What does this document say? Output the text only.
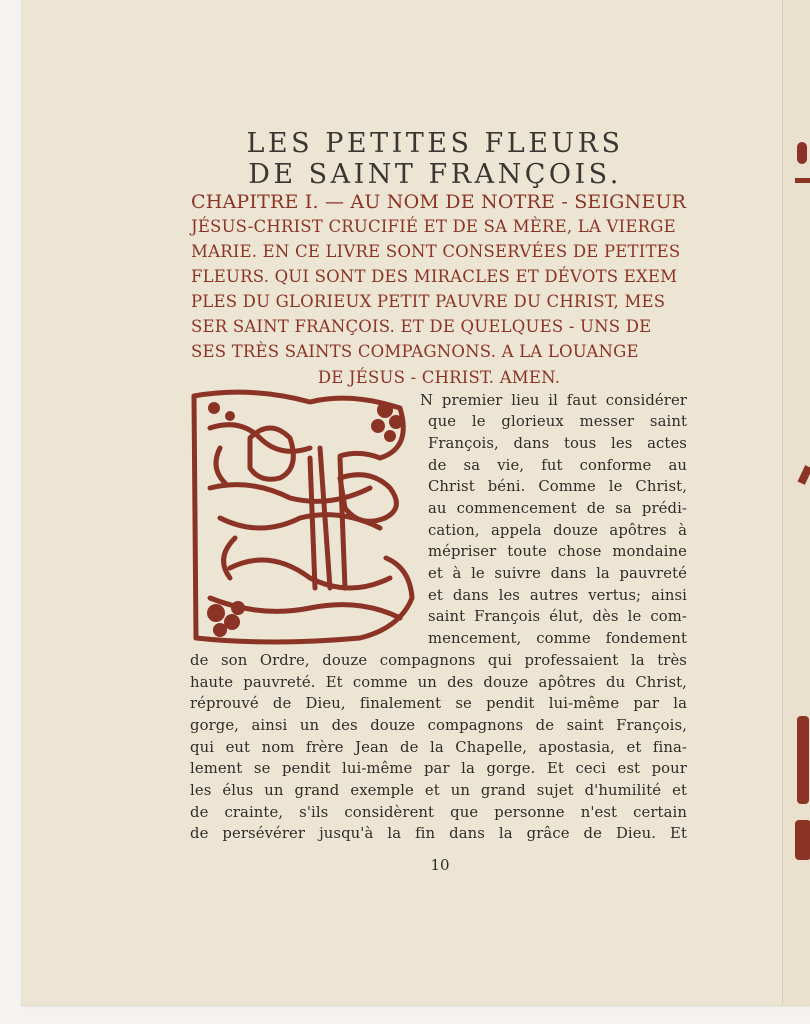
LES PETITES FLEURS
DE SAINT FRANÇOIS.
CHAPITRE I. — AU NOM DE NOTRE - SEIGNEUR
JÉSUS-CHRIST CRUCIFIÉ ET DE SA MÈRE, LA VIERGE
MARIE. EN CE LIVRE SONT CONSERVÉES DE PETITES
FLEURS. QUI SONT DES MIRACLES ET DÉVOTS EXEM
PLES DU GLORIEUX PETIT PAUVRE DU CHRIST, MES
SER SAINT FRANÇOIS. ET DE QUELQUES - UNS DE
SES TRÈS SAINTS COMPAGNONS. A LA LOUANGE
DE JÉSUS - CHRIST. AMEN.
N premier lieu il faut considérer
que le glorieux messer saint
François, dans tous les actes
de sa vie, fut conforme au
Christ béni. Comme le Christ,
au commencement de sa prédi-
cation, appela douze apôtres à
mépriser toute chose mondaine
et à le suivre dans la pauvreté
et dans les autres vertus; ainsi
saint François élut, dès le com-
mencement, comme fondement
de son Ordre, douze compagnons qui professaient la très
haute pauvreté. Et comme un des douze apôtres du Christ,
réprouvé de Dieu, finalement se pendit lui-même par la
gorge, ainsi un des douze compagnons de saint François,
qui eut nom frère Jean de la Chapelle, apostasia, et fina-
lement se pendit lui-même par la gorge. Et ceci est pour
les élus un grand exemple et un grand sujet d'humilité et
de crainte, s'ils considèrent que personne n'est certain
de persévérer jusqu'à la fin dans la grâce de Dieu. Et
10
